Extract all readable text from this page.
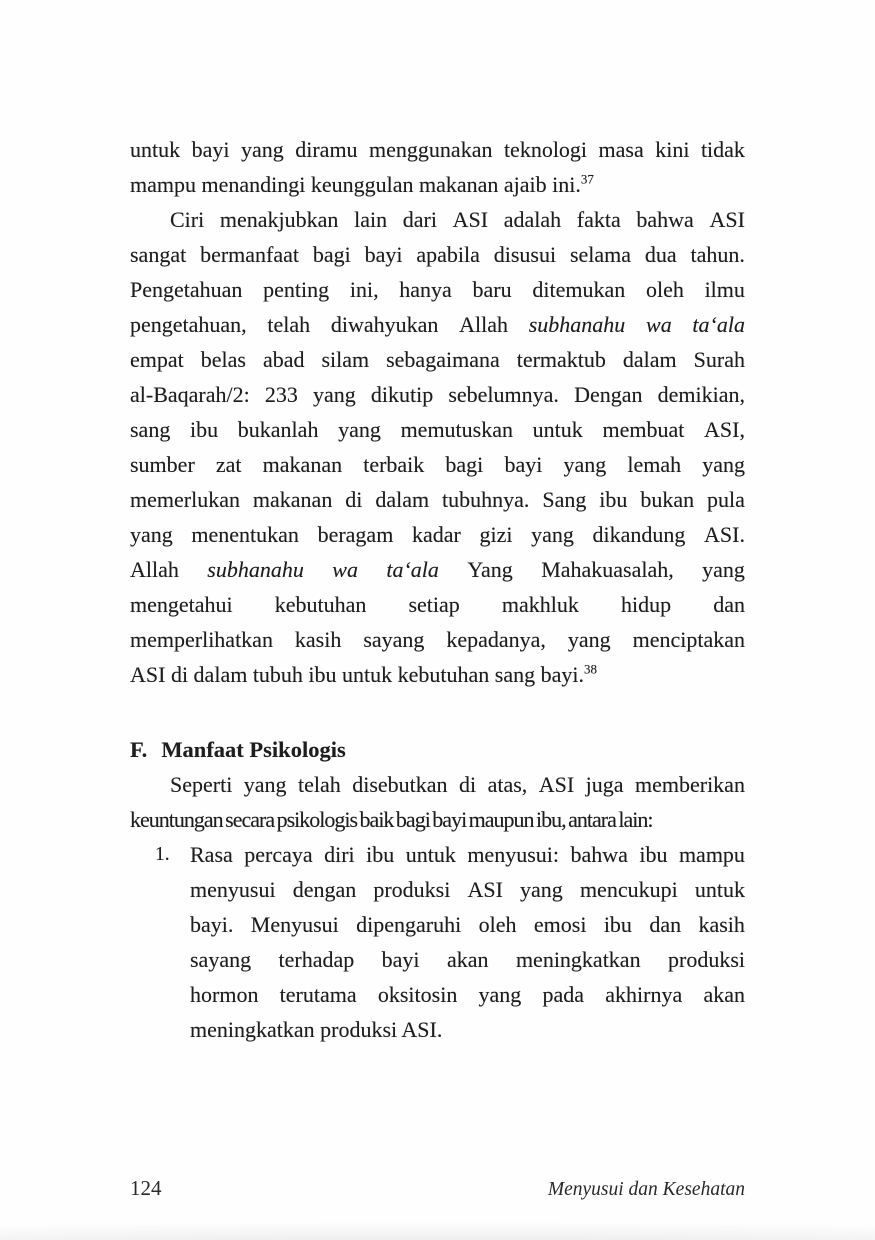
untuk bayi yang diramu menggunakan teknologi masa kini tidak
mampu menandingi keunggulan makanan ajaib ini.$^{37}$
Ciri menakjubkan lain dari ASI adalah fakta bahwa ASI
sangat bermanfaat bagi bayi apabila disusui selama dua tahun.
Pengetahuan penting ini, hanya baru ditemukan oleh ilmu
pengetahuan, telah diwahyukan Allah subhanahu wa ta‘ala
empat belas abad silam sebagaimana termaktub dalam Surah
al-Baqarah/2: 233 yang dikutip sebelumnya. Dengan demikian,
sang ibu bukanlah yang memutuskan untuk membuat ASI,
sumber zat makanan terbaik bagi bayi yang lemah yang
memerlukan makanan di dalam tubuhnya. Sang ibu bukan pula
yang menentukan beragam kadar gizi yang dikandung ASI.
Allah subhanahu wa ta‘ala Yang Mahakuasalah, yang
mengetahui kebutuhan setiap makhluk hidup dan
memperlihatkan kasih sayang kepadanya, yang menciptakan
ASI di dalam tubuh ibu untuk kebutuhan sang bayi.$^{38}$
F. Manfaat Psikologis
Seperti yang telah disebutkan di atas, ASI juga memberikan
keuntungan secara psikologis baik bagi bayi maupun ibu, antara lain:
1. Rasa percaya diri ibu untuk menyusui: bahwa ibu mampu
menyusui dengan produksi ASI yang mencukupi untuk
bayi. Menyusui dipengaruhi oleh emosi ibu dan kasih
sayang terhadap bayi akan meningkatkan produksi
hormon terutama oksitosin yang pada akhirnya akan
meningkatkan produksi ASI.
124	Menyusui dan Kesehatan
